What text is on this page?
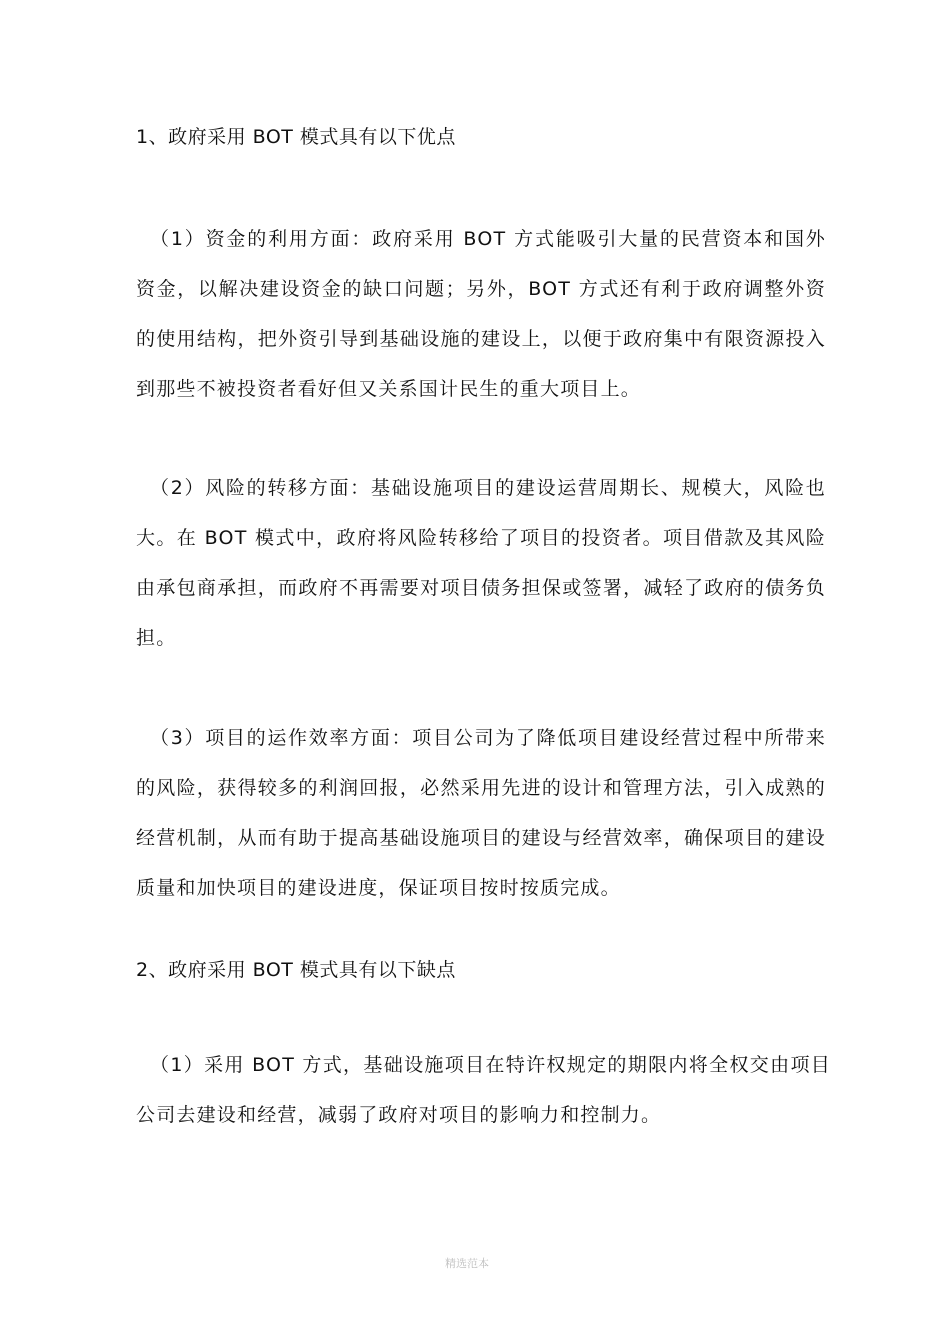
1、政府采用 BOT 模式具有以下优点
（1）资金的利用方面：政府采用 BOT 方式能吸引大量的民营资本和国外资金，以解决建设资金的缺口问题；另外，BOT 方式还有利于政府调整外资的使用结构，把外资引导到基础设施的建设上，以便于政府集中有限资源投入到那些不被投资者看好但又关系国计民生的重大项目上。
（2）风险的转移方面：基础设施项目的建设运营周期长、规模大，风险也大。在 BOT 模式中，政府将风险转移给了项目的投资者。项目借款及其风险由承包商承担，而政府不再需要对项目债务担保或签署，减轻了政府的债务负担。
（3）项目的运作效率方面：项目公司为了降低项目建设经营过程中所带来的风险，获得较多的利润回报，必然采用先进的设计和管理方法，引入成熟的经营机制，从而有助于提高基础设施项目的建设与经营效率，确保项目的建设质量和加快项目的建设进度，保证项目按时按质完成。
2、政府采用 BOT 模式具有以下缺点
（1）采用 BOT 方式，基础设施项目在特许权规定的期限内将全权交由项目公司去建设和经营，减弱了政府对项目的影响力和控制力。
精选范本
